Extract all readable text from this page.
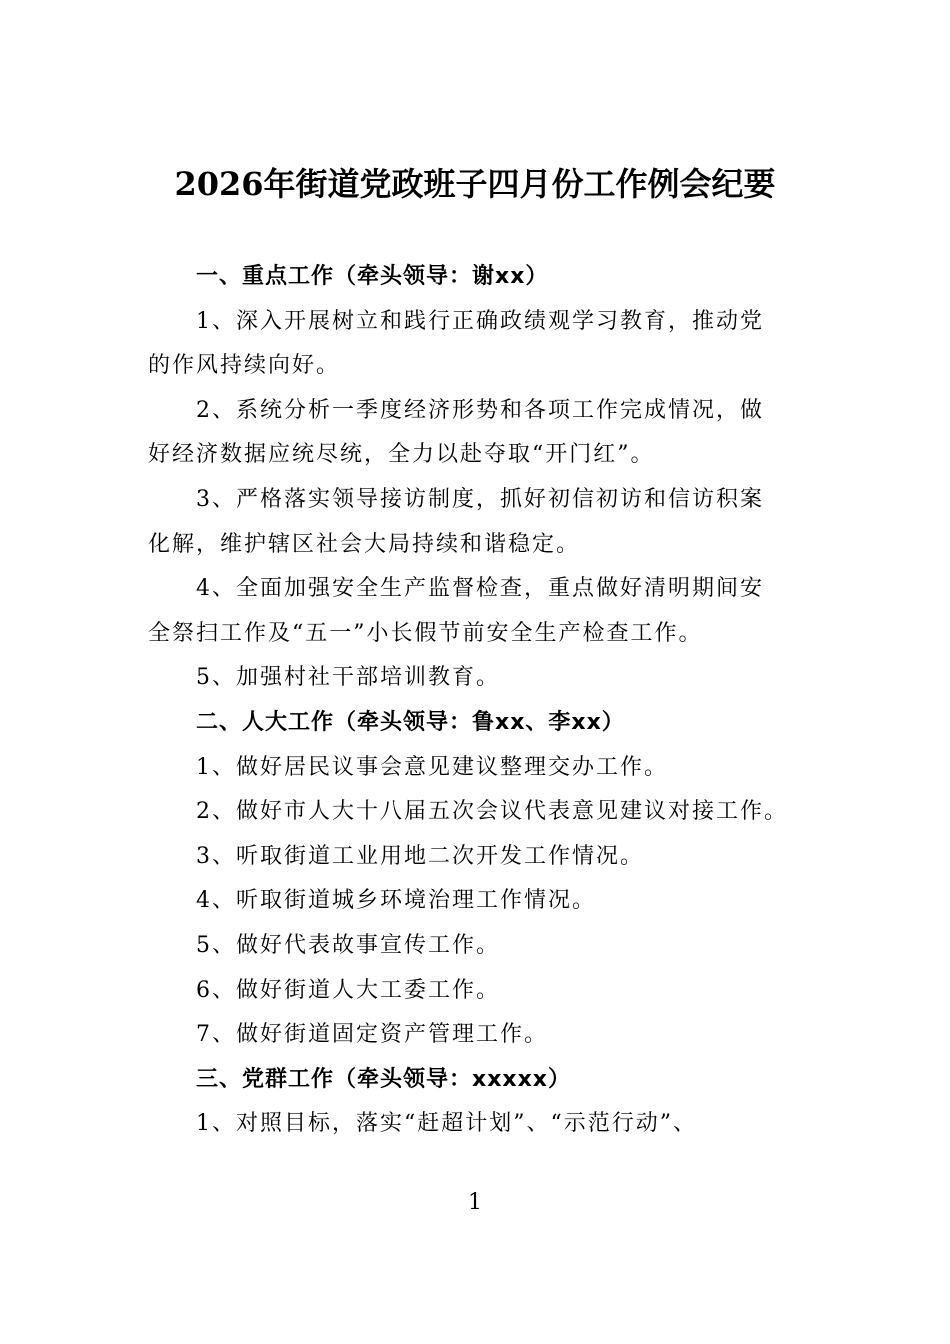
2026年街道党政班子四月份工作例会纪要
一、重点工作（牵头领导：谢xx）
1、深入开展树立和践行正确政绩观学习教育，推动党
的作风持续向好。
2、系统分析一季度经济形势和各项工作完成情况，做
好经济数据应统尽统，全力以赴夺取“开门红”。
3、严格落实领导接访制度，抓好初信初访和信访积案
化解，维护辖区社会大局持续和谐稳定。
4、全面加强安全生产监督检查，重点做好清明期间安
全祭扫工作及“五一”小长假节前安全生产检查工作。
5、加强村社干部培训教育。
二、人大工作（牵头领导：鲁xx、李xx）
1、做好居民议事会意见建议整理交办工作。
2、做好市人大十八届五次会议代表意见建议对接工作。
3、听取街道工业用地二次开发工作情况。
4、听取街道城乡环境治理工作情况。
5、做好代表故事宣传工作。
6、做好街道人大工委工作。
7、做好街道固定资产管理工作。
三、党群工作（牵头领导：xxxxx）
1、对照目标，落实“赶超计划”、“示范行动”、
1
